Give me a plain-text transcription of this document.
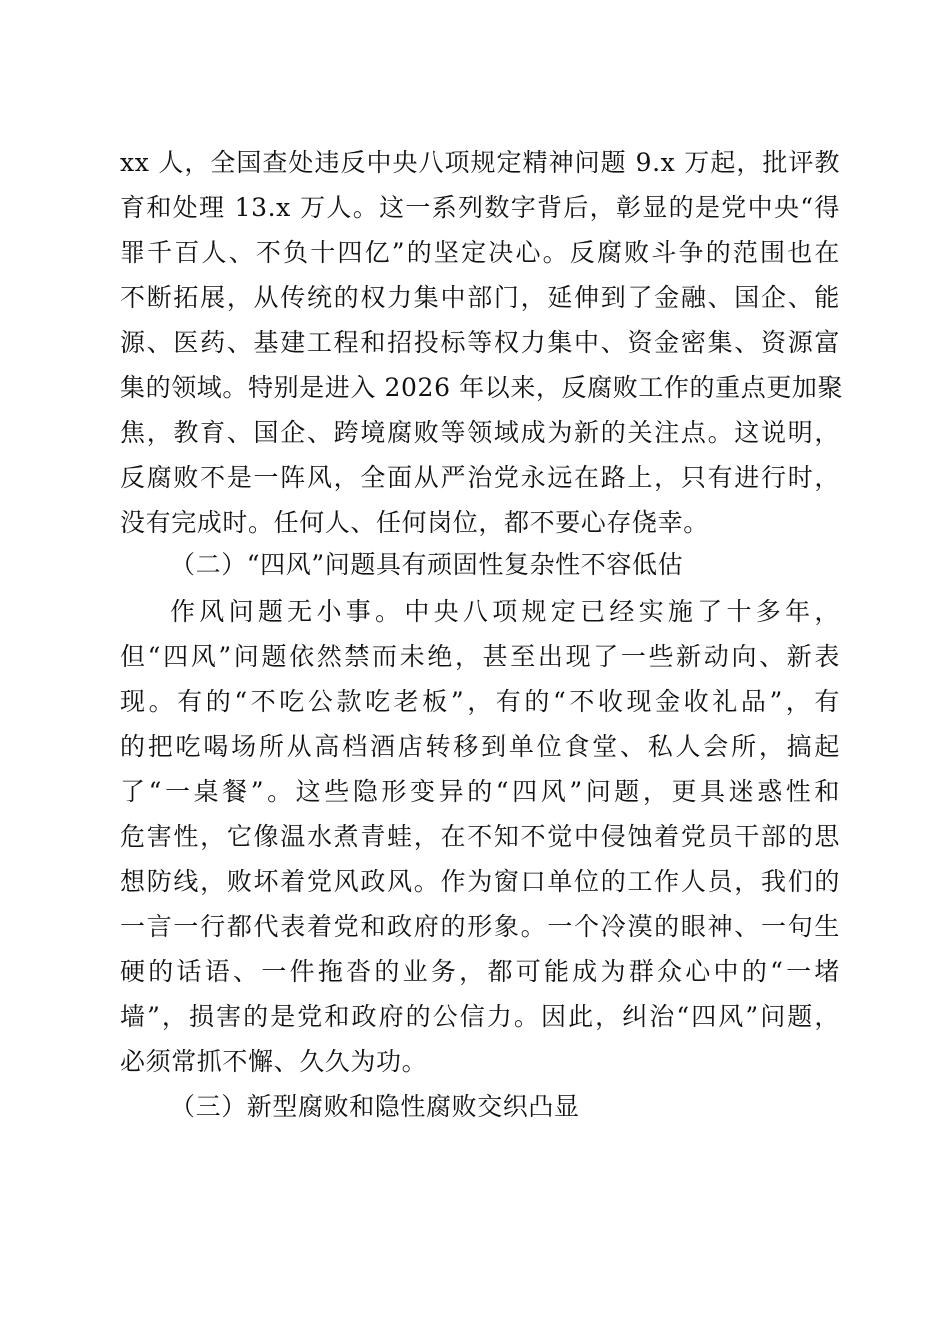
xx 人，全国查处违反中央八项规定精神问题 9.x 万起，批评教
育和处理 13.x 万人。这一系列数字背后，彰显的是党中央“得
罪千百人、不负十四亿”的坚定决心。反腐败斗争的范围也在
不断拓展，从传统的权力集中部门，延伸到了金融、国企、能
源、医药、基建工程和招投标等权力集中、资金密集、资源富
集的领域。特别是进入 2026 年以来，反腐败工作的重点更加聚
焦，教育、国企、跨境腐败等领域成为新的关注点。这说明，
反腐败不是一阵风，全面从严治党永远在路上，只有进行时，
没有完成时。任何人、任何岗位，都不要心存侥幸。
（二）“四风”问题具有顽固性复杂性不容低估
作风问题无小事。中央八项规定已经实施了十多年，
但“四风”问题依然禁而未绝，甚至出现了一些新动向、新表
现。有的“不吃公款吃老板”，有的“不收现金收礼品”，有
的把吃喝场所从高档酒店转移到单位食堂、私人会所，搞起
了“一桌餐”。这些隐形变异的“四风”问题，更具迷惑性和
危害性，它像温水煮青蛙，在不知不觉中侵蚀着党员干部的思
想防线，败坏着党风政风。作为窗口单位的工作人员，我们的
一言一行都代表着党和政府的形象。一个冷漠的眼神、一句生
硬的话语、一件拖沓的业务，都可能成为群众心中的“一堵
墙”，损害的是党和政府的公信力。因此，纠治“四风”问题，
必须常抓不懈、久久为功。
（三）新型腐败和隐性腐败交织凸显
